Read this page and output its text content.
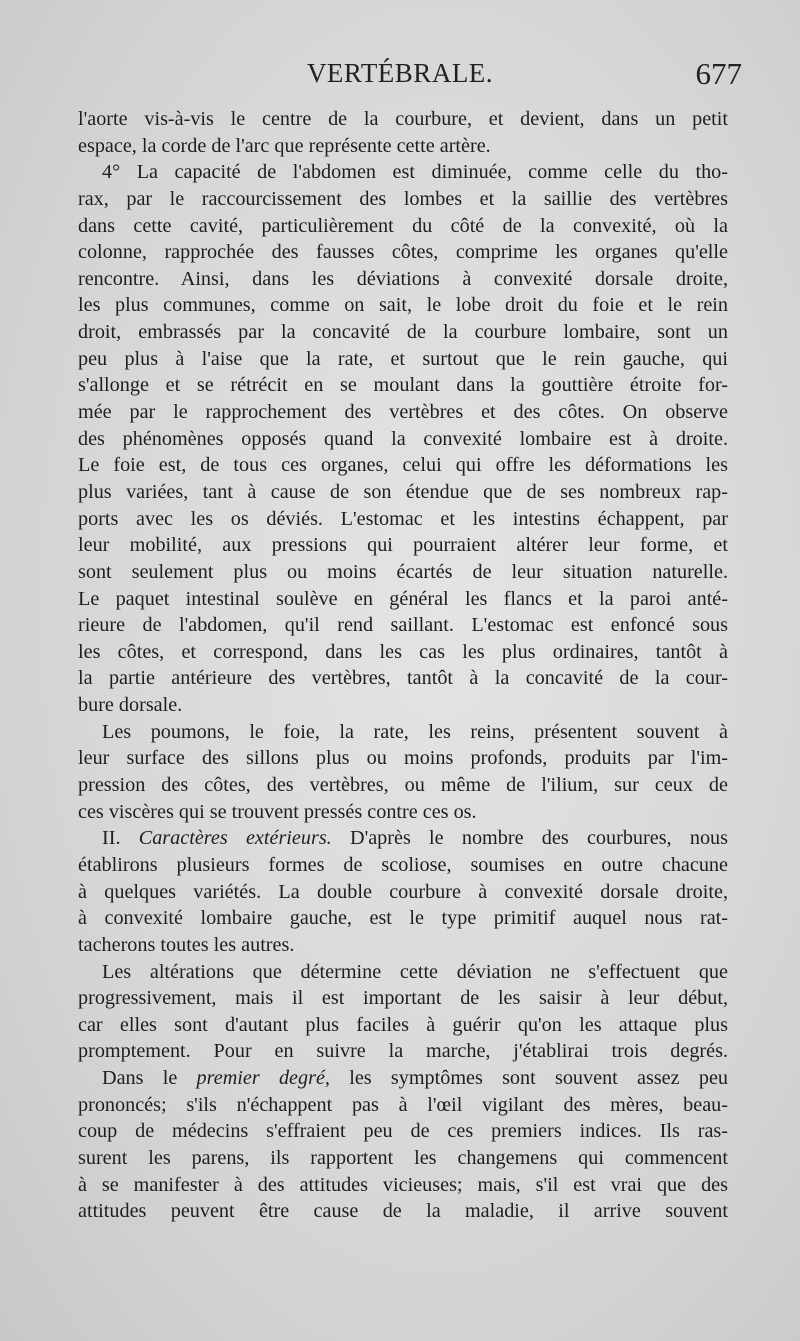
VERTÉBRALE.	677
l'aorte vis-à-vis le centre de la courbure, et devient, dans un petit
espace, la corde de l'arc que représente cette artère.
4° La capacité de l'abdomen est diminuée, comme celle du tho-
rax, par le raccourcissement des lombes et la saillie des vertèbres
dans cette cavité, particulièrement du côté de la convexité, où la
colonne, rapprochée des fausses côtes, comprime les organes qu'elle
rencontre. Ainsi, dans les déviations à convexité dorsale droite,
les plus communes, comme on sait, le lobe droit du foie et le rein
droit, embrassés par la concavité de la courbure lombaire, sont un
peu plus à l'aise que la rate, et surtout que le rein gauche, qui
s'allonge et se rétrécit en se moulant dans la gouttière étroite for-
mée par le rapprochement des vertèbres et des côtes. On observe
des phénomènes opposés quand la convexité lombaire est à droite.
Le foie est, de tous ces organes, celui qui offre les déformations les
plus variées, tant à cause de son étendue que de ses nombreux rap-
ports avec les os déviés. L'estomac et les intestins échappent, par
leur mobilité, aux pressions qui pourraient altérer leur forme, et
sont seulement plus ou moins écartés de leur situation naturelle.
Le paquet intestinal soulève en général les flancs et la paroi anté-
rieure de l'abdomen, qu'il rend saillant. L'estomac est enfoncé sous
les côtes, et correspond, dans les cas les plus ordinaires, tantôt à
la partie antérieure des vertèbres, tantôt à la concavité de la cour-
bure dorsale.
Les poumons, le foie, la rate, les reins, présentent souvent à
leur surface des sillons plus ou moins profonds, produits par l'im-
pression des côtes, des vertèbres, ou même de l'ilium, sur ceux de
ces viscères qui se trouvent pressés contre ces os.
II. Caractères extérieurs. D'après le nombre des courbures, nous
établirons plusieurs formes de scoliose, soumises en outre chacune
à quelques variétés. La double courbure à convexité dorsale droite,
à convexité lombaire gauche, est le type primitif auquel nous rat-
tacherons toutes les autres.
Les altérations que détermine cette déviation ne s'effectuent que
progressivement, mais il est important de les saisir à leur début,
car elles sont d'autant plus faciles à guérir qu'on les attaque plus
promptement. Pour en suivre la marche, j'établirai trois degrés.
Dans le premier degré, les symptômes sont souvent assez peu
prononcés; s'ils n'échappent pas à l'œil vigilant des mères, beau-
coup de médecins s'effraient peu de ces premiers indices. Ils ras-
surent les parens, ils rapportent les changemens qui commencent
à se manifester à des attitudes vicieuses; mais, s'il est vrai que des
attitudes peuvent être cause de la maladie, il arrive souvent
